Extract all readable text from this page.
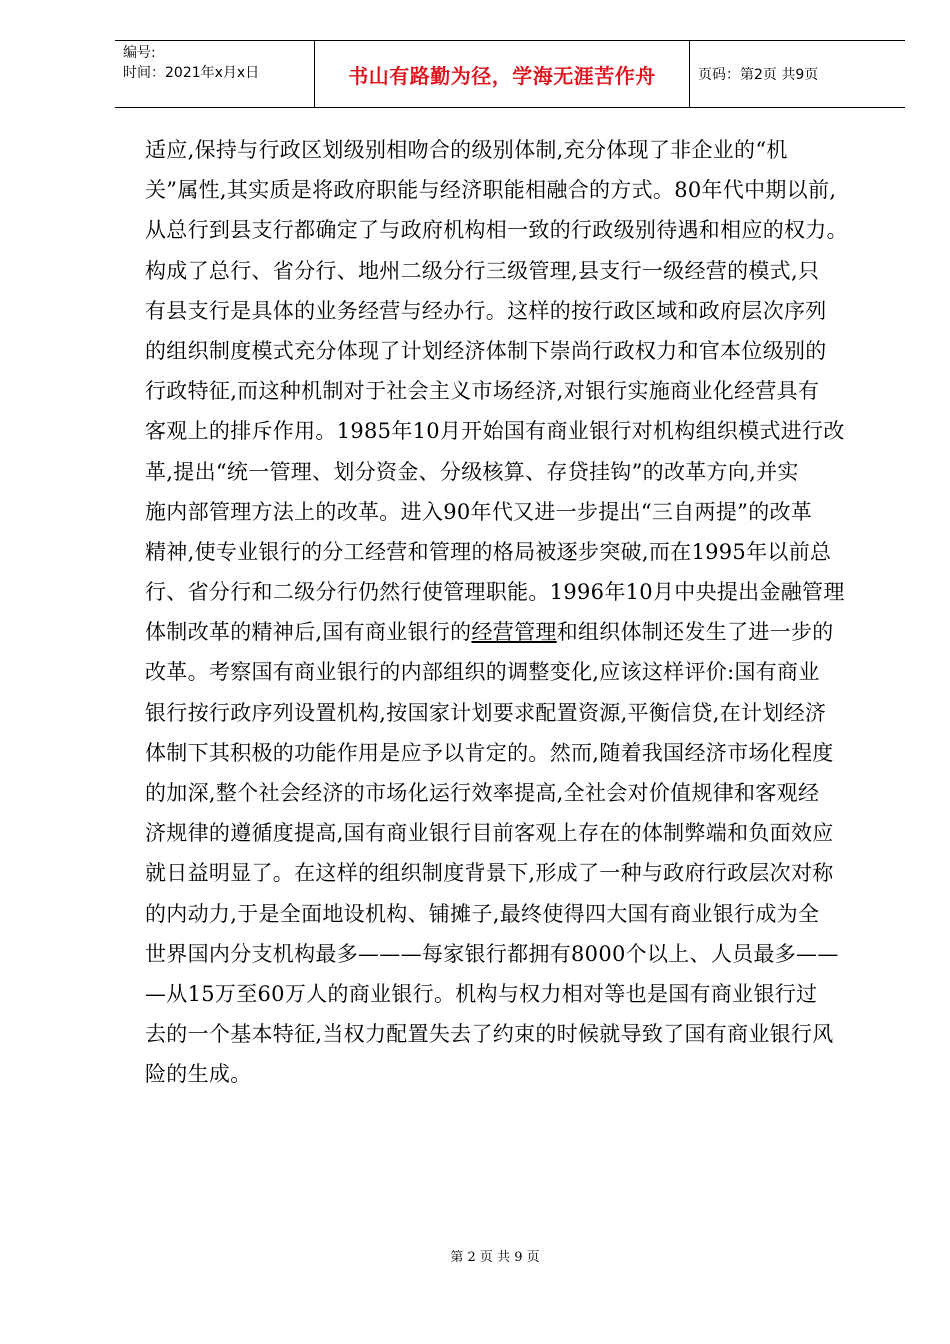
编号:
时间：2021年x月x日	书山有路勤为径，学海无涯苦作舟	页码：第2页 共9页
适应,保持与行政区划级别相吻合的级别体制,充分体现了非企业的“机
关”属性,其实质是将政府职能与经济职能相融合的方式。80年代中期以前,
从总行到县支行都确定了与政府机构相一致的行政级别待遇和相应的权力。
构成了总行、省分行、地州二级分行三级管理,县支行一级经营的模式,只
有县支行是具体的业务经营与经办行。这样的按行政区域和政府层次序列
的组织制度模式充分体现了计划经济体制下崇尚行政权力和官本位级别的
行政特征,而这种机制对于社会主义市场经济,对银行实施商业化经营具有
客观上的排斥作用。1985年10月开始国有商业银行对机构组织模式进行改
革,提出“统一管理、划分资金、分级核算、存贷挂钩”的改革方向,并实
施内部管理方法上的改革。进入90年代又进一步提出“三自两提”的改革
精神,使专业银行的分工经营和管理的格局被逐步突破,而在1995年以前总
行、省分行和二级分行仍然行使管理职能。1996年10月中央提出金融管理
体制改革的精神后,国有商业银行的经营管理和组织体制还发生了进一步的
改革。考察国有商业银行的内部组织的调整变化,应该这样评价:国有商业
银行按行政序列设置机构,按国家计划要求配置资源,平衡信贷,在计划经济
体制下其积极的功能作用是应予以肯定的。然而,随着我国经济市场化程度
的加深,整个社会经济的市场化运行效率提高,全社会对价值规律和客观经
济规律的遵循度提高,国有商业银行目前客观上存在的体制弊端和负面效应
就日益明显了。在这样的组织制度背景下,形成了一种与政府行政层次对称
的内动力,于是全面地设机构、铺摊子,最终使得四大国有商业银行成为全
世界国内分支机构最多———每家银行都拥有8000个以上、人员最多——
—从15万至60万人的商业银行。机构与权力相对等也是国有商业银行过
去的一个基本特征,当权力配置失去了约束的时候就导致了国有商业银行风
险的生成。
第 2 页 共 9 页
